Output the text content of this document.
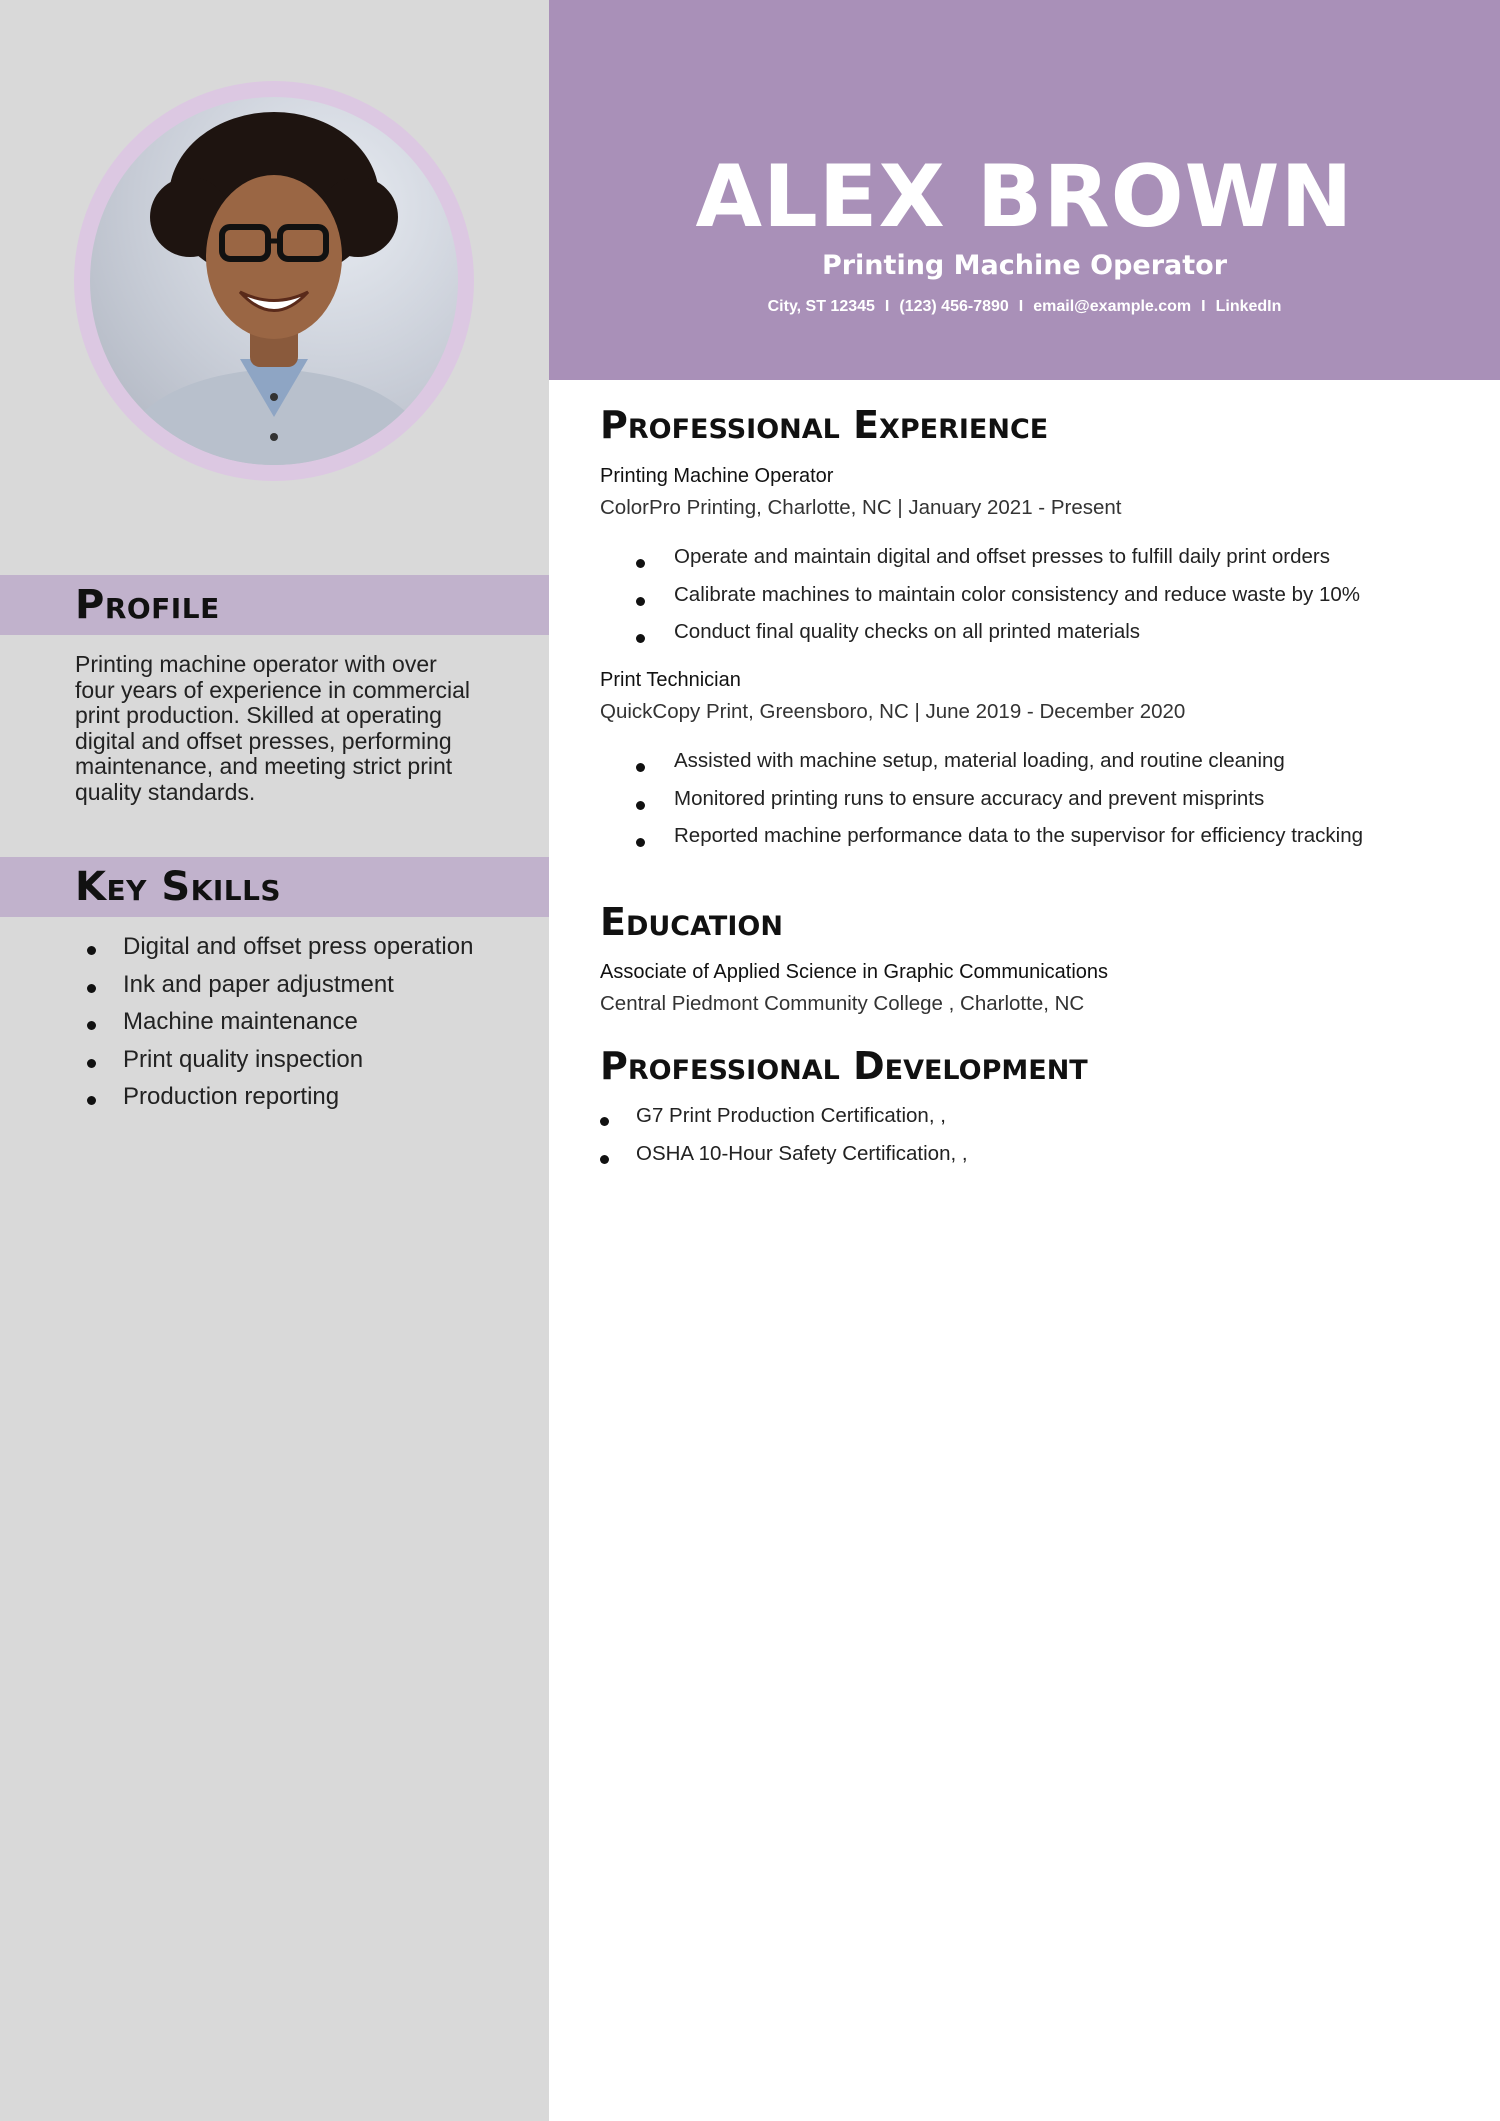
Profile

Printing machine operator with over four years of experience in commercial print production. Skilled at operating digital and offset presses, performing maintenance, and meeting strict print quality standards.

Key Skills
Digital and offset press operation
Ink and paper adjustment
Machine maintenance
Print quality inspection
Production reporting
ALEX BROWN

Printing Machine Operator

City, ST 12345 I (123) 456-7890 I email@example.com I LinkedIn
Professional Experience

Printing Machine Operator

ColorPro Printing, Charlotte, NC | January 2021 - Present

Operate and maintain digital and offset presses to fulfill daily print orders
Calibrate machines to maintain color consistency and reduce waste by 10%
Conduct final quality checks on all printed materials

Print Technician

QuickCopy Print, Greensboro, NC | June 2019 - December 2020

Assisted with machine setup, material loading, and routine cleaning
Monitored printing runs to ensure accuracy and prevent misprints
Reported machine performance data to the supervisor for efficiency tracking
Education

Associate of Applied Science in Graphic Communications

Central Piedmont Community College , Charlotte, NC

Professional Development
G7 Print Production Certification, ,
OSHA 10-Hour Safety Certification, ,
